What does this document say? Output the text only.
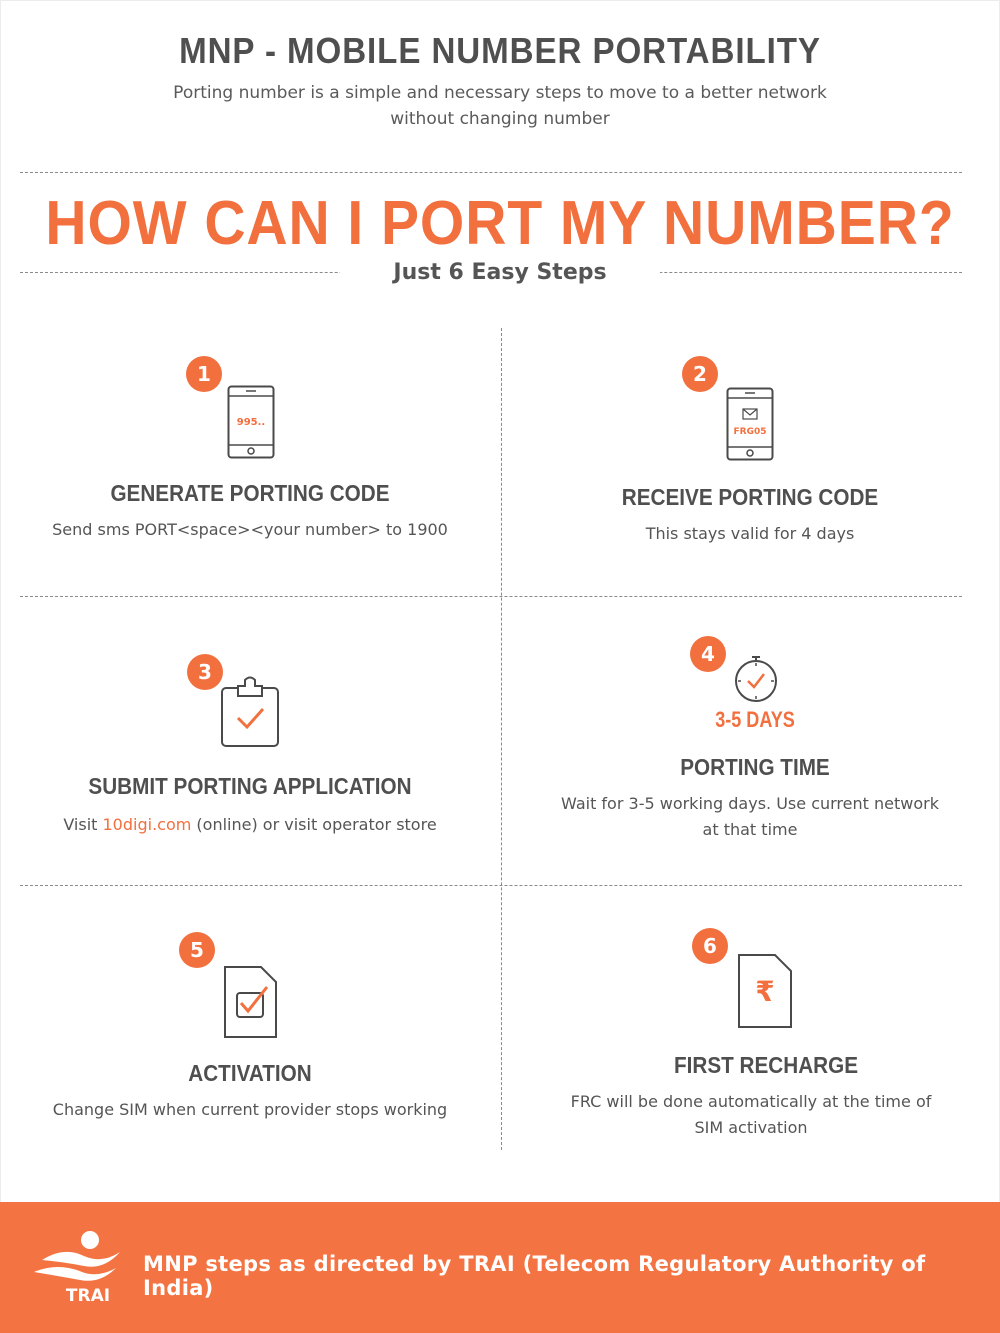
MNP - MOBILE NUMBER PORTABILITY
Porting number is a simple and necessary steps to move to a better network
without changing number
HOW CAN I PORT MY NUMBER?
Just 6 Easy Steps
1
995..
GENERATE PORTING CODE
Send sms PORT<space><your number> to 1900
2
FRG05
RECEIVE PORTING CODE
This stays valid for 4 days
3
SUBMIT PORTING APPLICATION
Visit 10digi.com (online) or visit operator store
4
3-5 DAYS
PORTING TIME
Wait for 3-5 working days. Use current network
at that time
5
ACTIVATION
Change SIM when current provider stops working
6
₹
FIRST RECHARGE
FRC will be done automatically at the time of
SIM activation
TRAI
MNP steps as directed by TRAI (Telecom Regulatory Authority of India)
